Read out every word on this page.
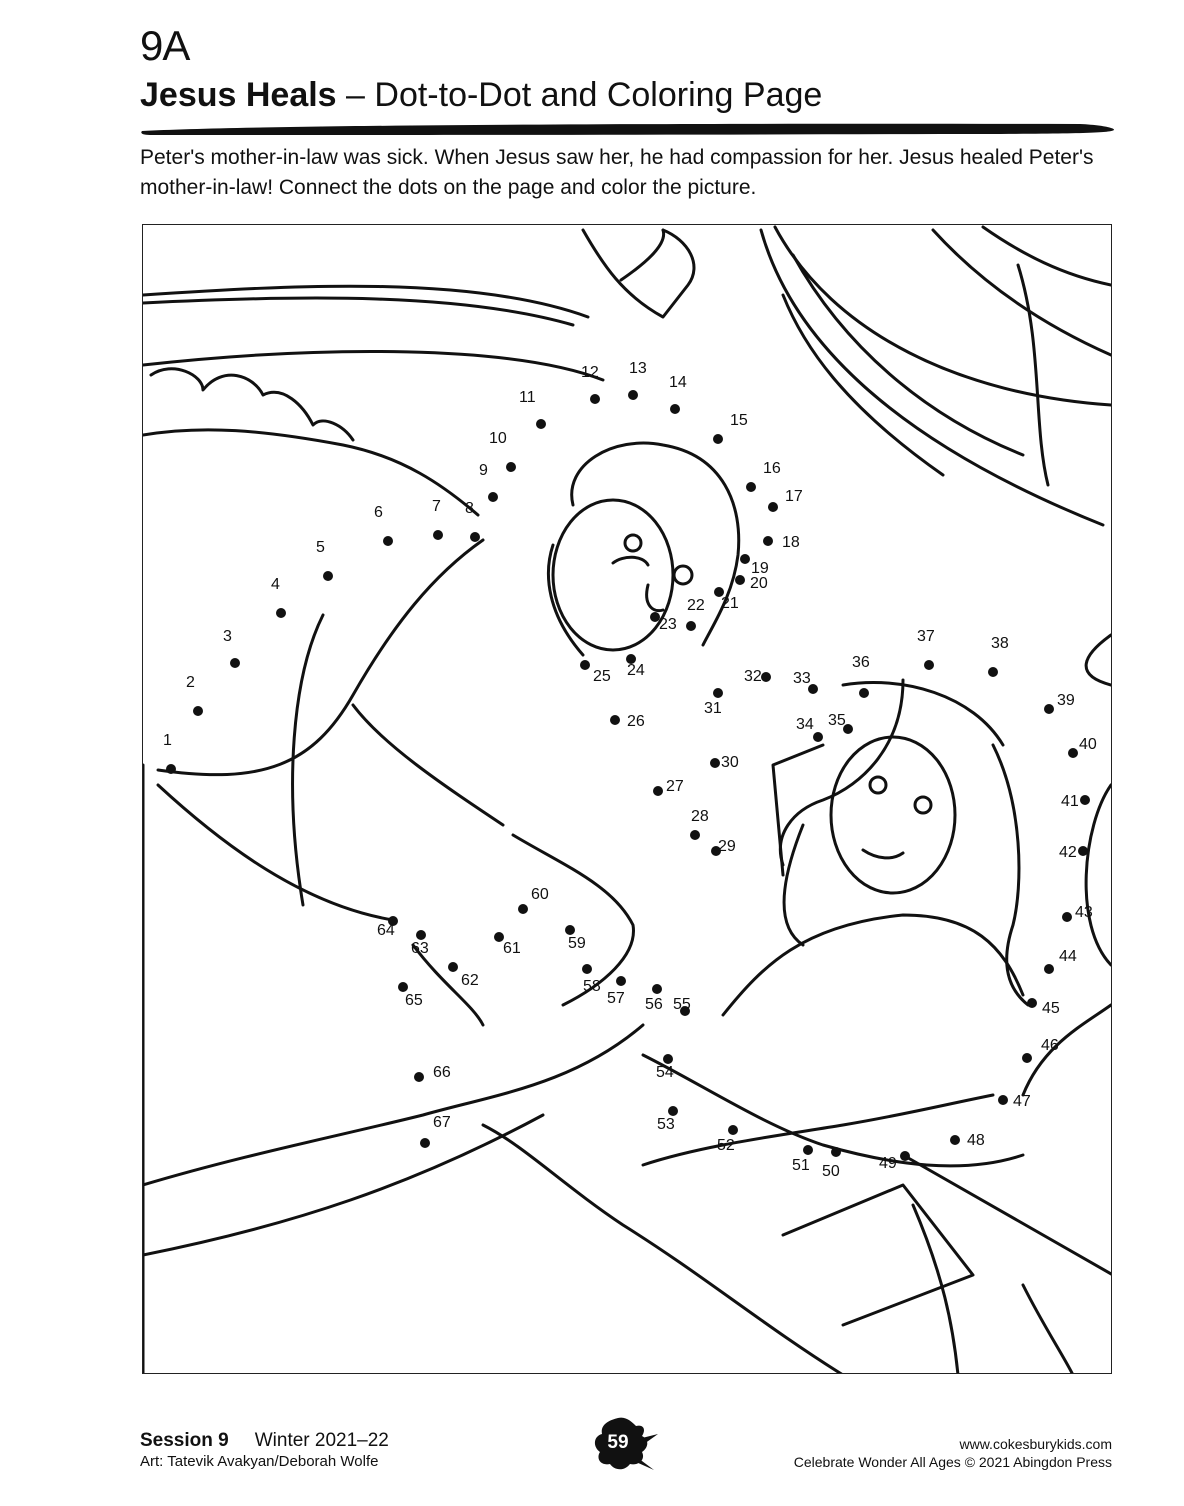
9A
Jesus Heals – Dot-to-Dot and Coloring Page
Peter's mother-in-law was sick. When Jesus saw her, he had compassion for her. Jesus healed Peter's mother-in-law! Connect the dots on the page and color the picture.
1
2
3
4
5
6	7 8
9
10
11
12 13
14
15
16
17
18
19
20
21
22
23
24
25
26
27
28
29
30
31
32 33
34 35
36
37	38
39
40
41
42
43
44
45
46
47
48
49
50
51
52
53
54
55
56
57
58
59
60
61
62
63
64
65
66
67
Session 9 Winter 2021–22
Art: Tatevik Avakyan/Deborah Wolfe
59	www.cokesburykids.com
Celebrate Wonder All Ages © 2021 Abingdon Press
